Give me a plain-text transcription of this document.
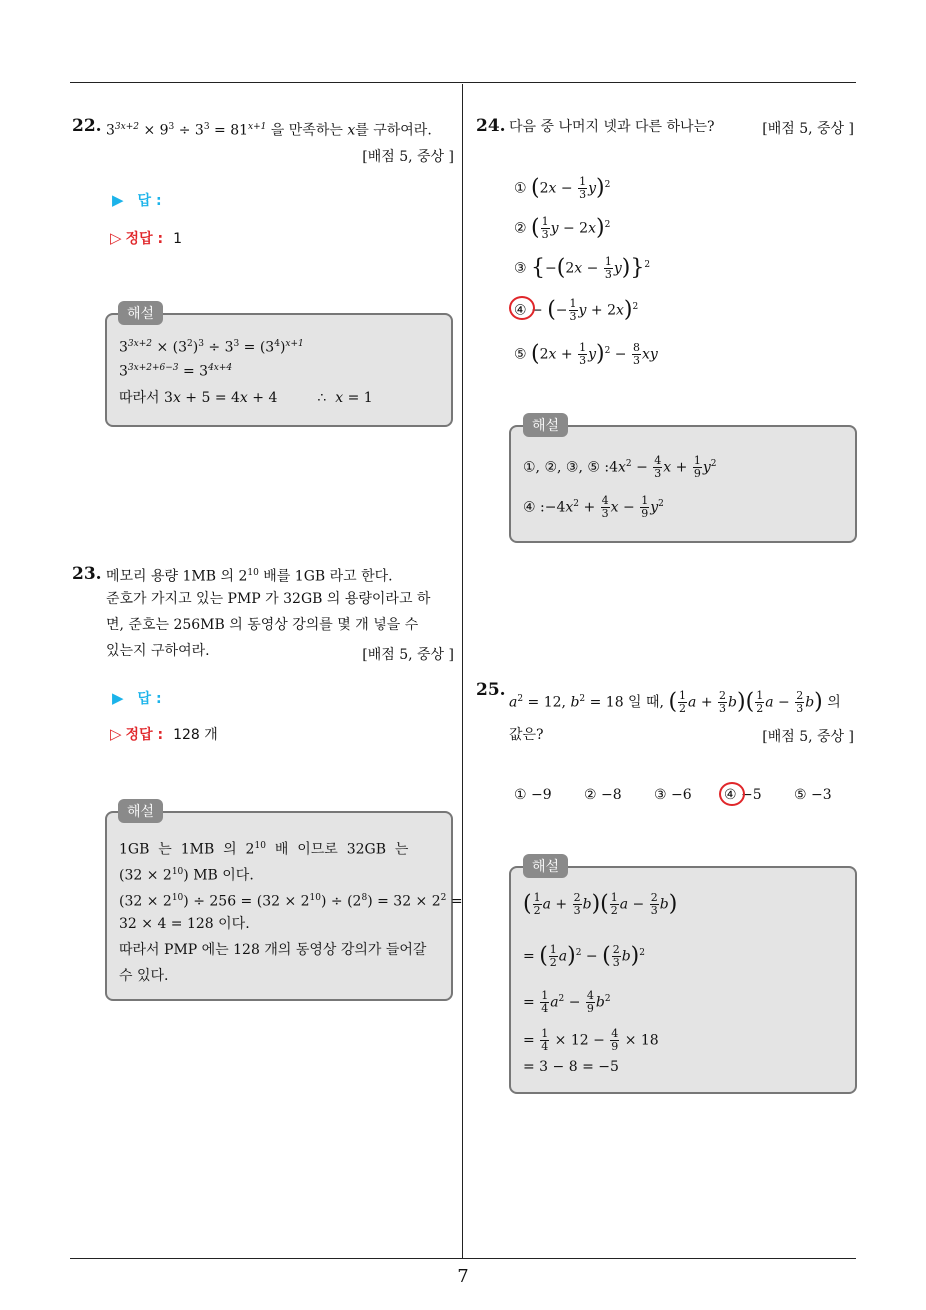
7
22. $3^{3x+2} \times 9^3 \div 3^3 = 81^{x+1}$ 을 만족하는 x를 구하여라.
[배점 5, 중상 ]
▶ 답 :
▷ 정답 : 1
$3^{3x+2} \times (3^2)^3 \div 3^3 = (3^4)^{x+1}$
$3^{3x+2+6-3} = 3^{4x+4}$
따라서 3x + 5 = 4x + 4         ∴  x = 1
해설
23. 메모리 용량 1MB 의 $2^{10}$ 배를 1GB 라고 한다.
준호가 가지고 있는 PMP 가 32GB 의 용량이라고 하
면, 준호는 256MB 의 동영상 강의를 몇 개 넣을 수
있는지 구하여라.	[배점 5, 중상 ]
▶ 답 :
▷ 정답 : 128 개
1GB  는  1MB  의  $2^{10}$  배  이므로  32GB  는
$(32 \times 2^{10})$ MB 이다.
$(32 \times 2^{10}) \div 256 = (32 \times 2^{10}) \div (2^8) = 32 \times 2^2$ =
32 × 4 = 128 이다.
따라서 PMP 에는 128 개의 동영상 강의가 들어갈
수 있다.
해설
24. 다음 중 나머지 넷과 다른 하나는?	[배점 5, 중상 ]
① $(2x - \frac{1}{3} y)^2$
② ( $\frac{1}{3}$ y − 2x)$^2$
③ $\{-(2x - \frac{1}{3} y)\}^2$
④ − (− $\frac{1}{3}$ y + 2x)$^2$
⑤ $(2x + \frac{1}{3} y)^2 - \frac{8}{3}$ xy
①, ②, ③, ⑤ $:4x^2 - \frac{4}{3}$ $x + \frac{1}{9} y^2$
④ $:-4x^2 + \frac{4}{3}$ $x - \frac{1}{9} y^2$
해설
25.
$a^2 = 12$, $b^2 = 18$ 일 때, ( $\frac{1}{2}$ $a + \frac{2}{3} b)( \frac{1}{2}$ $a - \frac{2}{3} b$) 의
값은?	[배점 5, 중상 ]
① −9 ② −8 ③ −6 ④ −5 ⑤ −3
( $\frac{1}{2}$ $a + \frac{2}{3} b)( \frac{1}{2}$ $a - \frac{2}{3} b$)
= ( $\frac{1}{2} a)^2$ − ( $\frac{2}{3} b)^2$
= $\frac{1}{4} a^2 - \frac{4}{9} b^2$
= $\frac{1}{4} \times 12 - \frac{4}{9} \times 18$
= 3 − 8 = −5
해설
